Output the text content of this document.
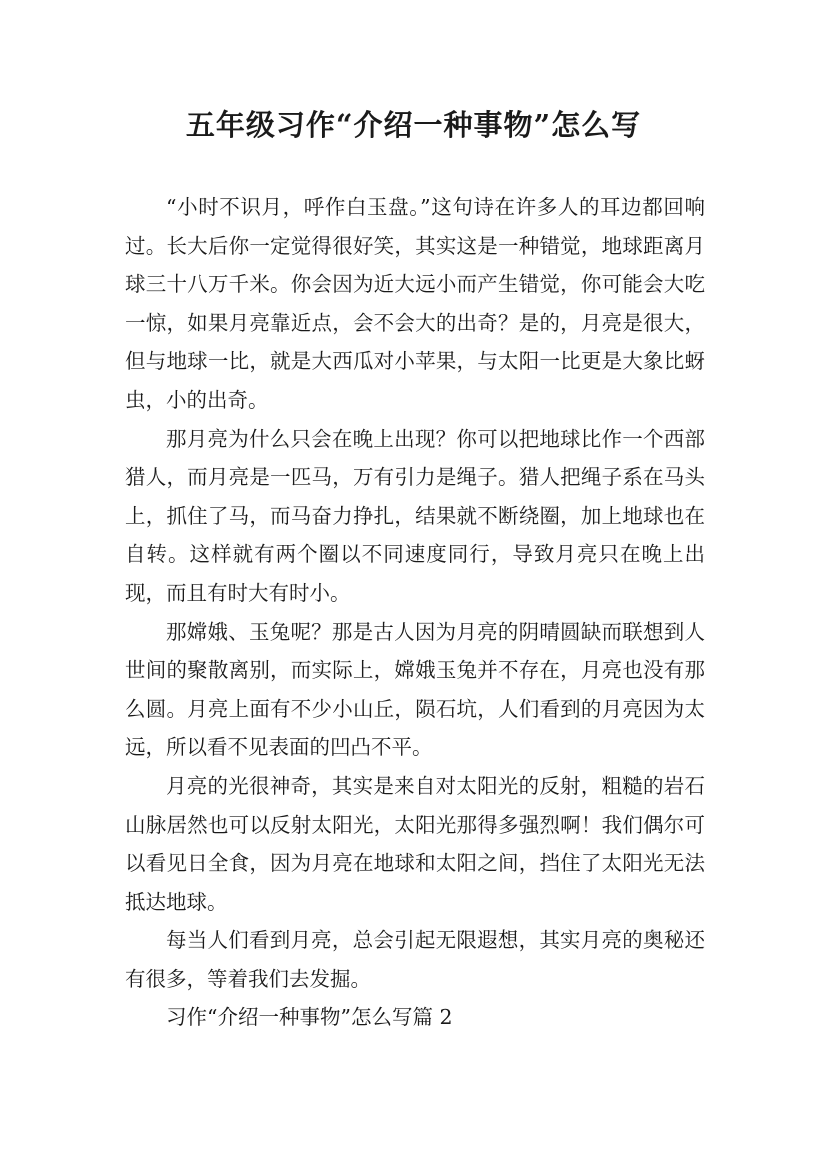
五年级习作“介绍一种事物”怎么写

“小时不识月，呼作白玉盘。”这句诗在许多人的耳边都回响过。长大后你一定觉得很好笑，其实这是一种错觉，地球距离月球三十八万千米。你会因为近大远小而产生错觉，你可能会大吃一惊，如果月亮靠近点，会不会大的出奇？是的，月亮是很大，但与地球一比，就是大西瓜对小苹果，与太阳一比更是大象比蚜虫，小的出奇。

那月亮为什么只会在晚上出现？你可以把地球比作一个西部猎人，而月亮是一匹马，万有引力是绳子。猎人把绳子系在马头上，抓住了马，而马奋力挣扎，结果就不断绕圈，加上地球也在自转。这样就有两个圈以不同速度同行，导致月亮只在晚上出现，而且有时大有时小。

那嫦娥、玉兔呢？那是古人因为月亮的阴晴圆缺而联想到人世间的聚散离别，而实际上，嫦娥玉兔并不存在，月亮也没有那么圆。月亮上面有不少小山丘，陨石坑，人们看到的月亮因为太远，所以看不见表面的凹凸不平。

月亮的光很神奇，其实是来自对太阳光的反射，粗糙的岩石山脉居然也可以反射太阳光，太阳光那得多强烈啊！我们偶尔可以看见日全食，因为月亮在地球和太阳之间，挡住了太阳光无法抵达地球。

每当人们看到月亮，总会引起无限遐想，其实月亮的奥秘还有很多，等着我们去发掘。

习作“介绍一种事物”怎么写篇 2
